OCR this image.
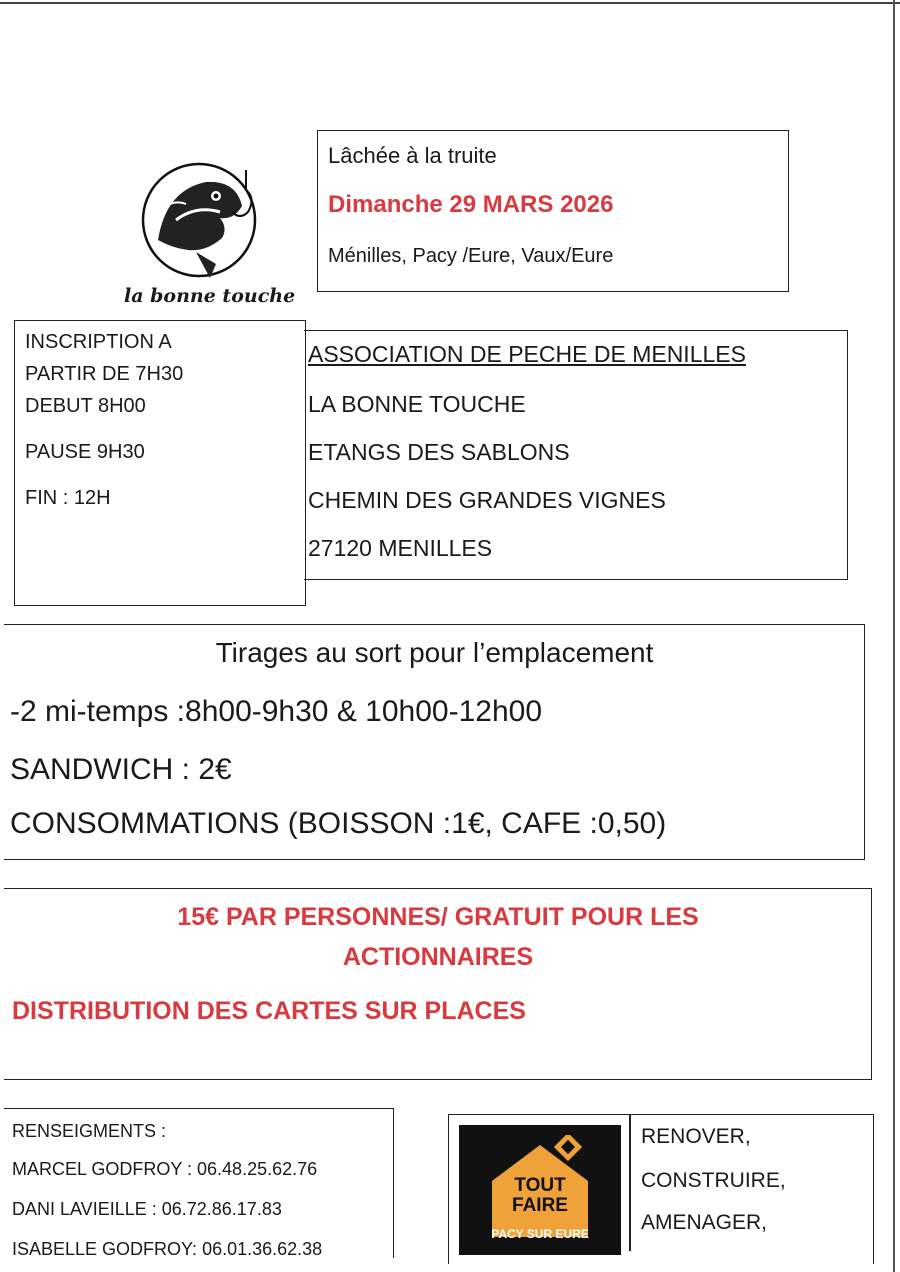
la bonne touche
Lâchée à la truite
Dimanche 29 MARS 2026
Ménilles, Pacy /Eure, Vaux/Eure
INSCRIPTION A
PARTIR DE 7H30
DEBUT 8H00
PAUSE 9H30
FIN : 12H
ASSOCIATION DE PECHE DE MENILLES
LA BONNE TOUCHE
ETANGS DES SABLONS
CHEMIN DES GRANDES VIGNES
27120 MENILLES
Tirages au sort pour l’emplacement
-2 mi-temps :8h00-9h30 & 10h00-12h00
SANDWICH : 2€
CONSOMMATIONS (BOISSON :1€, CAFE :0,50)
15€ PAR PERSONNES/ GRATUIT POUR LES
ACTIONNAIRES
DISTRIBUTION DES CARTES SUR PLACES
RENSEIGMENTS :
MARCEL GODFROY : 06.48.25.62.76
DANI LAVIEILLE : 06.72.86.17.83
ISABELLE GODFROY: 06.01.36.62.38
TOUT
FAIRE
PACY SUR EURE
RENOVER,
CONSTRUIRE,
AMENAGER,
